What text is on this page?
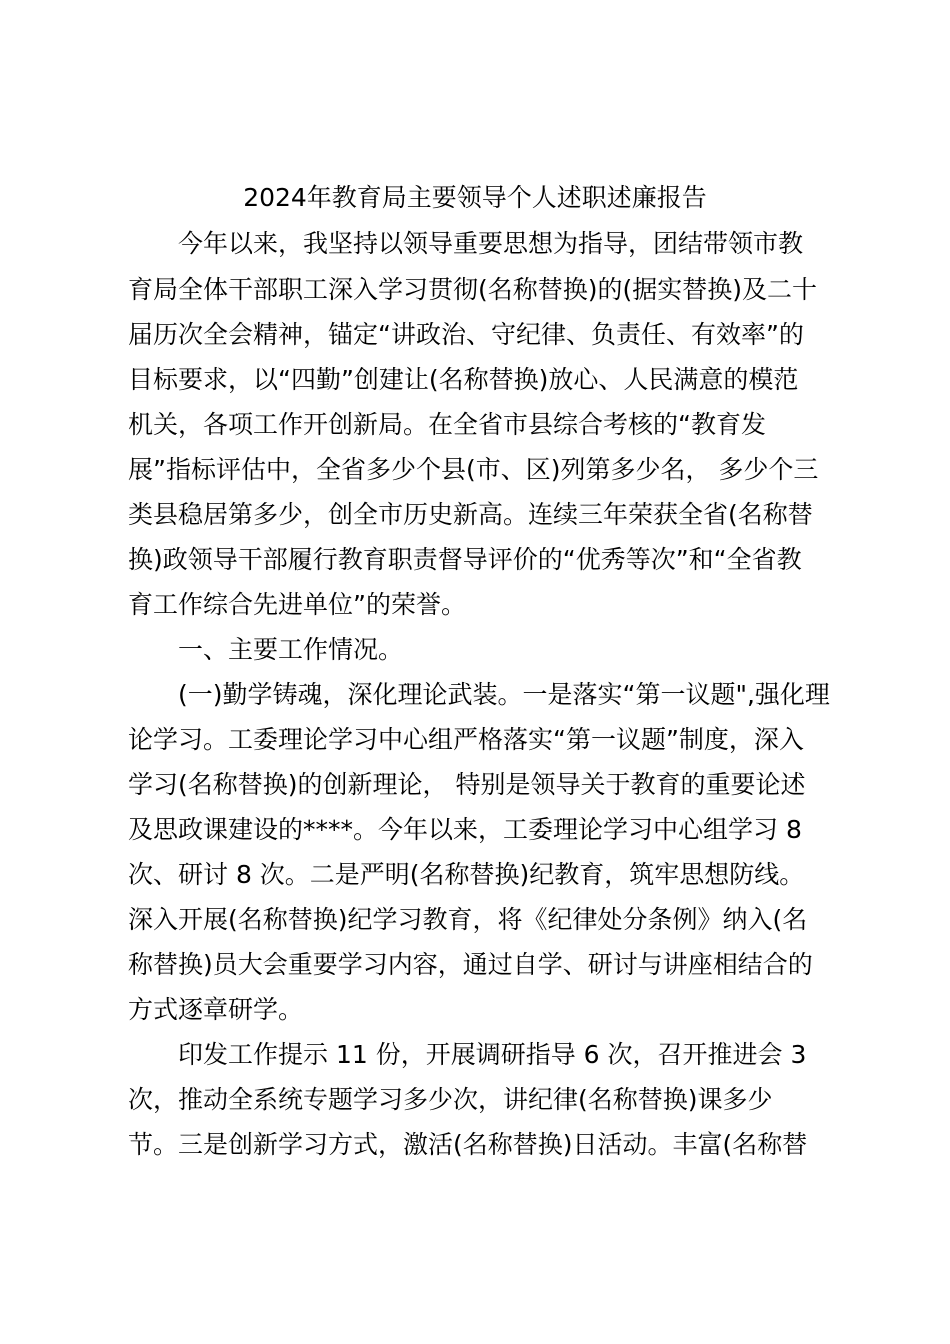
2024年教育局主要领导个人述职述廉报告
今年以来，我坚持以领导重要思想为指导，团结带领市教
育局全体干部职工深入学习贯彻(名称替换)的(据实替换)及二十
届历次全会精神，锚定“讲政治、守纪律、负责任、有效率”的
目标要求，以“四勤”创建让(名称替换)放心、人民满意的模范
机关，各项工作开创新局。在全省市县综合考核的“教育发
展”指标评估中，全省多少个县(市、区)列第多少名， 多少个三
类县稳居第多少，创全市历史新高。连续三年荣获全省(名称替
换)政领导干部履行教育职责督导评价的“优秀等次”和“全省教
育工作综合先进单位”的荣誉。
一、主要工作情况。
(一)勤学铸魂，深化理论武装。一是落实“第一议题",强化理
论学习。工委理论学习中心组严格落实“第一议题”制度，深入
学习(名称替换)的创新理论， 特别是领导关于教育的重要论述
及思政课建设的****。今年以来，工委理论学习中心组学习 8
次、研讨 8 次。二是严明(名称替换)纪教育，筑牢思想防线。
深入开展(名称替换)纪学习教育，将《纪律处分条例》纳入(名
称替换)员大会重要学习内容，通过自学、研讨与讲座相结合的
方式逐章研学。
印发工作提示 11 份，开展调研指导 6 次，召开推进会 3
次，推动全系统专题学习多少次，讲纪律(名称替换)课多少
节。三是创新学习方式，激活(名称替换)日活动。丰富(名称替
